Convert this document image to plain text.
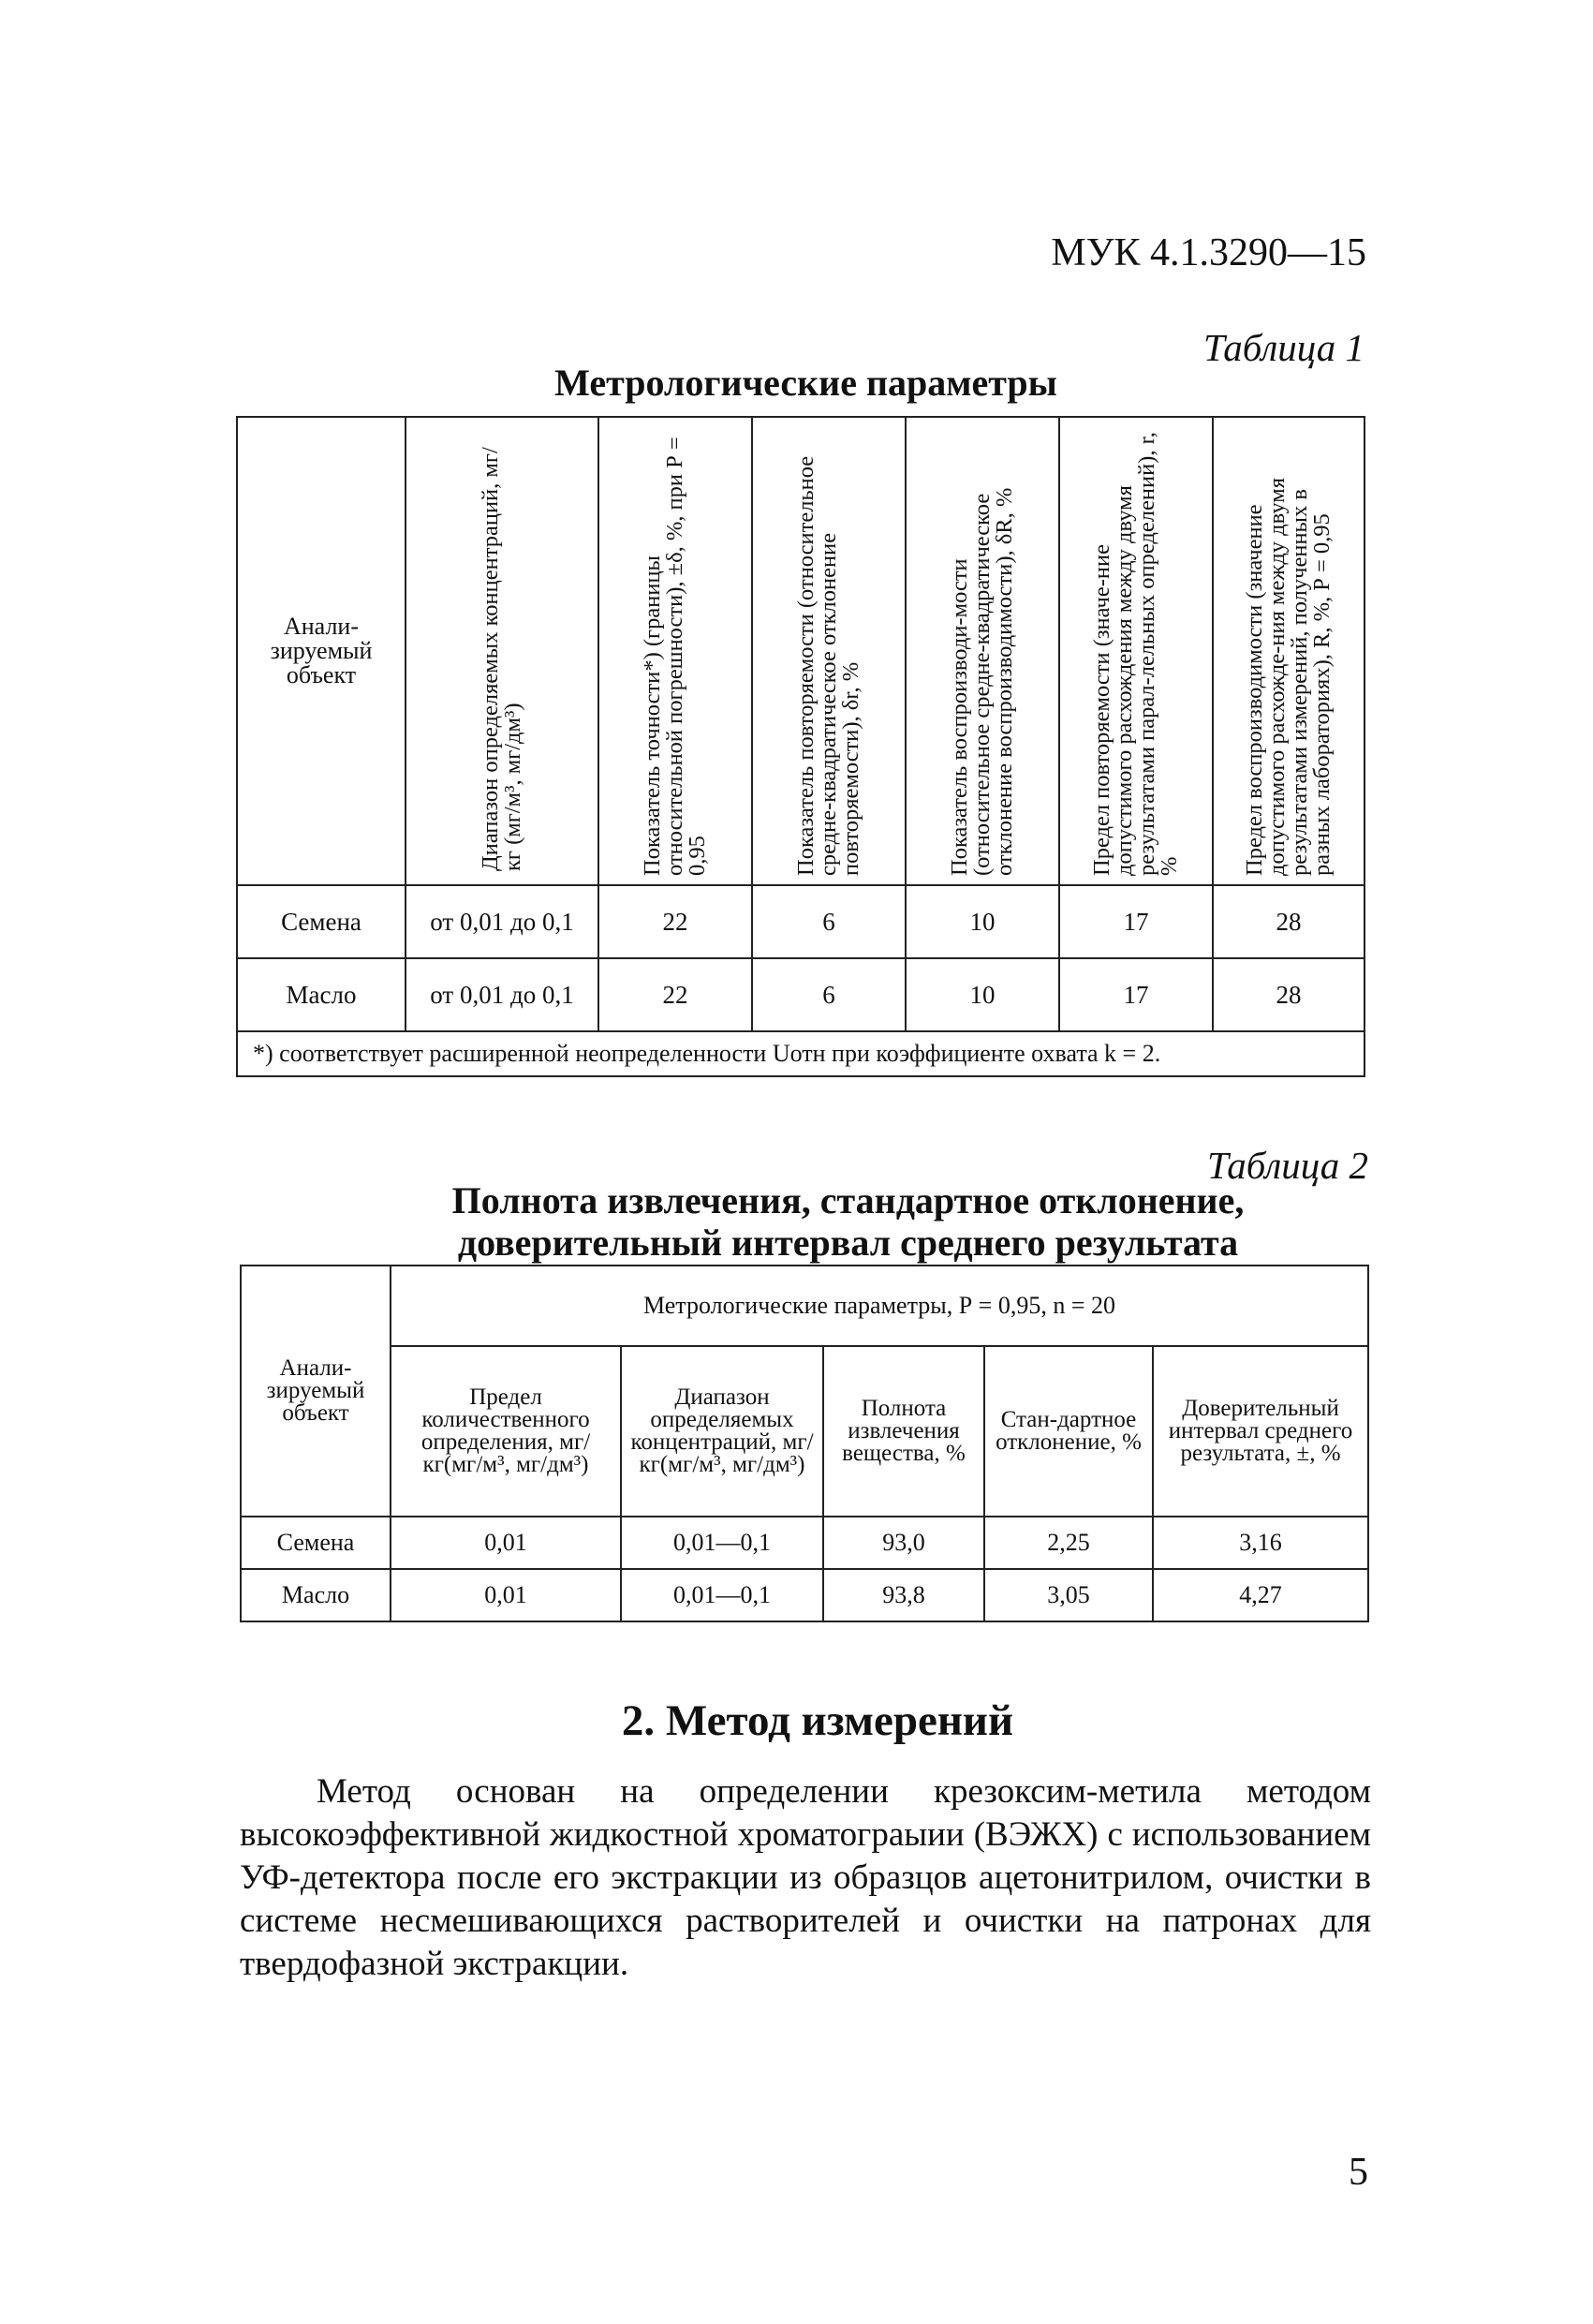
МУК 4.1.3290—15
Таблица 1
Метрологические параметры
Анали-зируемый объект	Диапазон определяемых концентраций, мг/кг (мг/м³, мг/дм³)	Показатель точности*) (границы относительной погрешности), ±δ, %, при Р = 0,95	Показатель повторяемости (относительное средне-квадратическое отклонение повторяемости), δr, %	Показатель воспроизводи-мости (относительное средне-квадратическое отклонение воспроизводимости), δR, %	Предел повторяемости (значе-ние допустимого расхождения между двумя результатами парал-лельных определений), r, %	Предел воспроизводимости (значение допустимого расхожде-ния между двумя результатами измерений, полученных в разных лабораториях), R, %, Р = 0,95

Семена	от 0,01 до 0,1	22	6	10	17	28
Масло	от 0,01 до 0,1	22	6	10	17	28
*) соответствует расширенной неопределенности Uотн при коэффициенте охвата k = 2.						
Таблица 2
Полнота извлечения, стандартное отклонение,
доверительный интервал среднего результата
Анали-зируемый объект	Метрологические параметры, Р = 0,95, n = 20				

	Предел количественного определения, мг/кг(мг/м³, мг/дм³)	Диапазон определяемых концентраций, мг/кг(мг/м³, мг/дм³)	Полнота извлечения вещества, %	Стан-дартное отклонение, %	Доверительный интервал среднего результата, ±, %

Семена	0,01	0,01—0,1	93,0	2,25	3,16
Масло	0,01	0,01—0,1	93,8	3,05	4,27
2. Метод измерений
Метод основан на определении крезоксим-метила методом высокоэффективной жидкостной хроматограыии (ВЭЖХ) с использованием УФ-детектора после его экстракции из образцов ацетонитрилом, очистки в системе несмешивающихся растворителей и очистки на патронах для твердофазной экстракции.
5
